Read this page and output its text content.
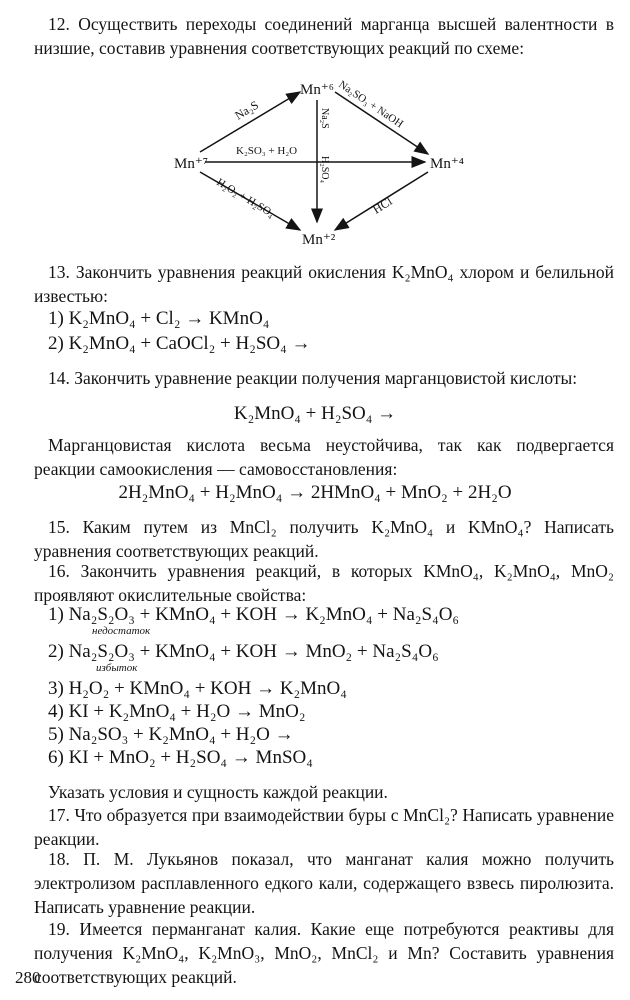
12. Осуществить переходы соединений марганца высшей валентности в низшие, составив уравнения соответствующих реакций по схеме:

Mn⁺⁷
Mn⁺⁶
Mn⁺⁴
Mn⁺²
Na₂S	Na₂SO₃ + NaOH
K₂SO₃ + H₂O
Na₂S
H₂SO₄
H₂O₂ + H₂SO₄	HCl

13. Закончить уравнения реакций окисления K₂MnO₄ хлором и белильной известью:

1) K₂MnO₄ + Cl₂ → KMnO₄
2) K₂MnO₄ + CaOCl₂ + H₂SO₄ →

14. Закончить уравнение реакции получения марганцовистой кислоты:

K₂MnO₄ + H₂SO₄ →

Марганцовистая кислота весьма неустойчива, так как подвергается реакции самоокисления — самовосстановления:

2H₂MnO₄ + H₂MnO₄ → 2HMnO₄ + MnO₂ + 2H₂O

15. Каким путем из MnCl₂ получить K₂MnO₄ и KMnO₄? Написать уравнения соответствующих реакций.

16. Закончить уравнения реакций, в которых KMnO₄, K₂MnO₄, MnO₂ проявляют окислительные свойства:

1) Na₂S₂O₃ + KMnO₄ + KOH → K₂MnO₄ + Na₂S₄O₆
недостаток
2) Na₂S₂O₃ + KMnO₄ + KOH → MnO₂ + Na₂S₄O₆
избыток
3) H₂O₂ + KMnO₄ + KOH → K₂MnO₄
4) KI + K₂MnO₄ + H₂O → MnO₂
5) Na₂SO₃ + K₂MnO₄ + H₂O →
6) KI + MnO₂ + H₂SO₄ → MnSO₄

Указать условия и сущность каждой реакции.

17. Что образуется при взаимодействии буры с MnCl₂? Написать уравнение реакции.

18. П. М. Лукьянов показал, что манганат калия можно получить электролизом расплавленного едкого кали, содержащего взвесь пиролюзита. Написать уравнение реакции.

19. Имеется перманганат калия. Какие еще потребуются реактивы для получения K₂MnO₄, K₂MnO₃, MnO₂, MnCl₂ и Mn? Составить уравнения соответствующих реакций.

280
